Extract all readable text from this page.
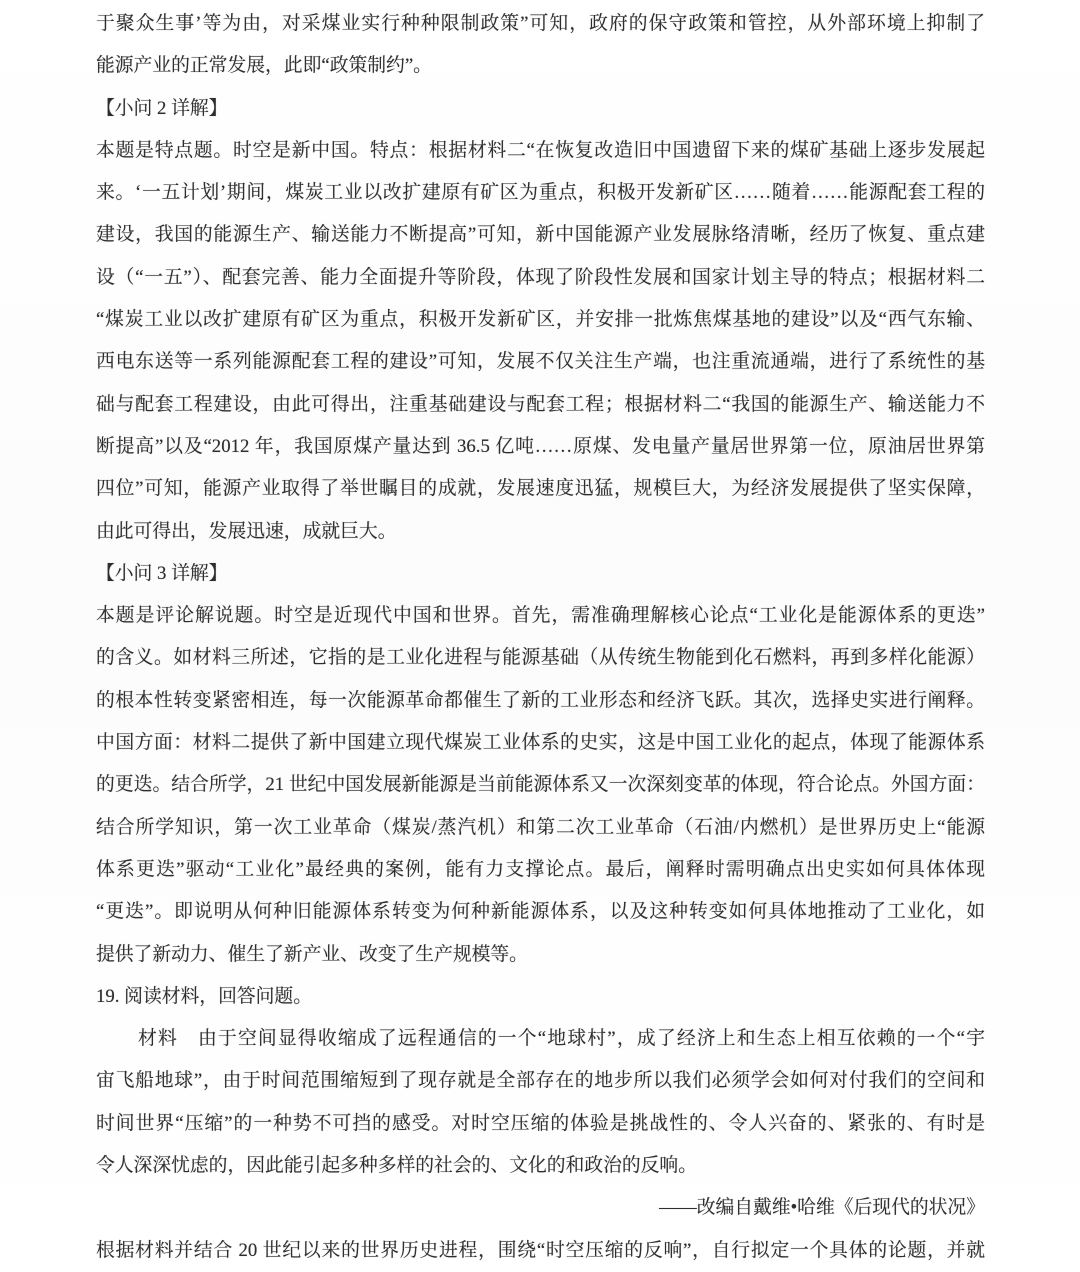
于聚众生事’等为由，对采煤业实行种种限制政策”可知，政府的保守政策和管控，从外部环境上抑制了
能源产业的正常发展，此即“政策制约”。
【小问 2 详解】
本题是特点题。时空是新中国。特点：根据材料二“在恢复改造旧中国遗留下来的煤矿基础上逐步发展起
来。‘一五计划’期间，煤炭工业以改扩建原有矿区为重点，积极开发新矿区……随着……能源配套工程的
建设，我国的能源生产、输送能力不断提高”可知，新中国能源产业发展脉络清晰，经历了恢复、重点建
设（“一五”）、配套完善、能力全面提升等阶段，体现了阶段性发展和国家计划主导的特点；根据材料二
“煤炭工业以改扩建原有矿区为重点，积极开发新矿区，并安排一批炼焦煤基地的建设”以及“西气东输、
西电东送等一系列能源配套工程的建设”可知，发展不仅关注生产端，也注重流通端，进行了系统性的基
础与配套工程建设，由此可得出，注重基础建设与配套工程；根据材料二“我国的能源生产、输送能力不
断提高”以及“2012 年，我国原煤产量达到 36.5 亿吨……原煤、发电量产量居世界第一位，原油居世界第
四位”可知，能源产业取得了举世瞩目的成就，发展速度迅猛，规模巨大，为经济发展提供了坚实保障，
由此可得出，发展迅速，成就巨大。
【小问 3 详解】
本题是评论解说题。时空是近现代中国和世界。首先，需准确理解核心论点“工业化是能源体系的更迭”
的含义。如材料三所述，它指的是工业化进程与能源基础（从传统生物能到化石燃料，再到多样化能源）
的根本性转变紧密相连，每一次能源革命都催生了新的工业形态和经济飞跃。其次，选择史实进行阐释。
中国方面：材料二提供了新中国建立现代煤炭工业体系的史实，这是中国工业化的起点，体现了能源体系
的更迭。结合所学，21 世纪中国发展新能源是当前能源体系又一次深刻变革的体现，符合论点。外国方面：
结合所学知识，第一次工业革命（煤炭/蒸汽机）和第二次工业革命（石油/内燃机）是世界历史上“能源
体系更迭”驱动“工业化”最经典的案例，能有力支撑论点。最后，阐释时需明确点出史实如何具体体现
“更迭”。即说明从何种旧能源体系转变为何种新能源体系，以及这种转变如何具体地推动了工业化，如
提供了新动力、催生了新产业、改变了生产规模等。
19. 阅读材料，回答问题。
材料　由于空间显得收缩成了远程通信的一个“地球村”，成了经济上和生态上相互依赖的一个“宇
宙飞船地球”，由于时间范围缩短到了现存就是全部存在的地步所以我们必须学会如何对付我们的空间和
时间世界“压缩”的一种势不可挡的感受。对时空压缩的体验是挑战性的、令人兴奋的、紧张的、有时是
令人深深忧虑的，因此能引起多种多样的社会的、文化的和政治的反响。
——改编自戴维•哈维《后现代的状况》
根据材料并结合 20 世纪以来的世界历史进程，围绕“时空压缩的反响”，自行拟定一个具体的论题，并就
